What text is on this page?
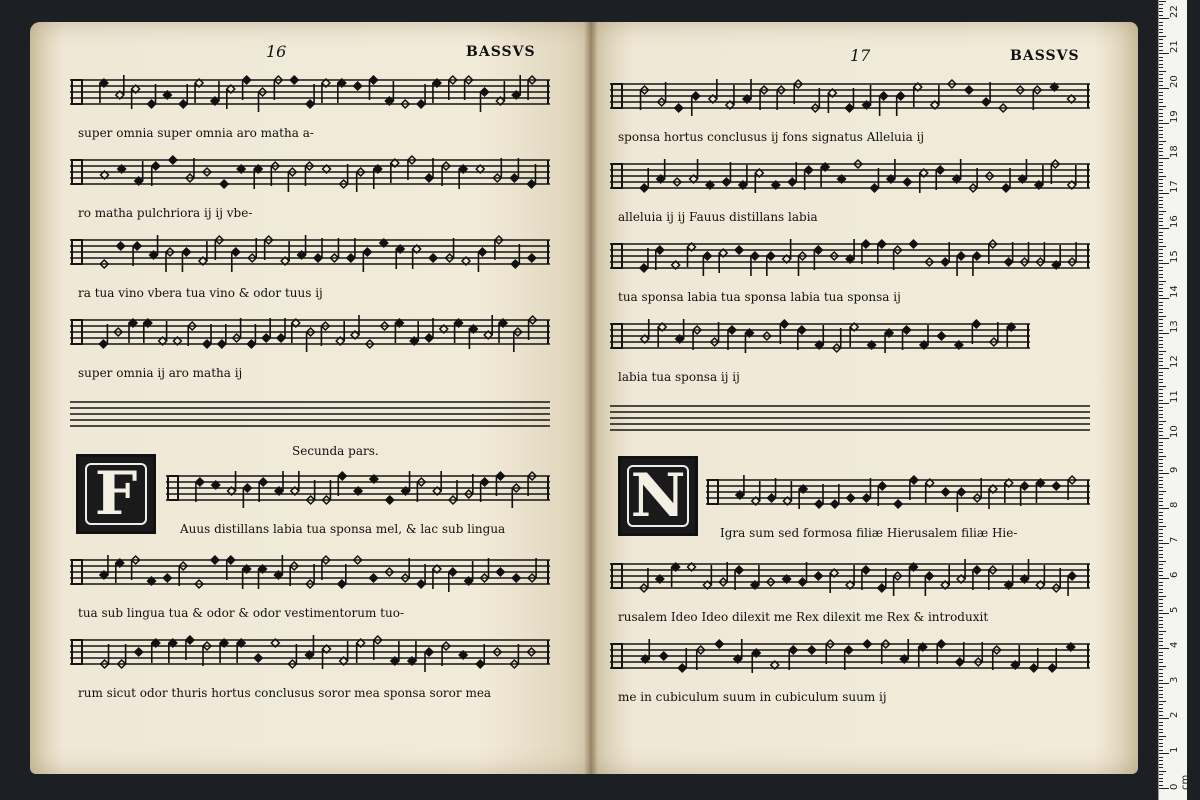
16	BASSVS	17	BASSVS
super omnia super omnia aro matha a-
ro matha pulchriora ij ij vbe-
ra tua vino vbera tua vino & odor tuus ij
super omnia ij aro matha ij
Secunda pars.
F	Auus distillans labia tua sponsa mel, & lac sub lingua
tua sub lingua tua & odor & odor vestimentorum tuo-
rum sicut odor thuris hortus conclusus soror mea sponsa soror mea
sponsa hortus conclusus ij fons signatus Alleluia ij
alleluia ij ij Fauus distillans labia
tua sponsa labia tua sponsa labia tua sponsa ij
labia tua sponsa ij ij
N
Igra sum sed formosa filiæ Hierusalem filiæ Hie-
rusalem Ideo Ideo dilexit me Rex dilexit me Rex & introduxit
me in cubiculum suum in cubiculum suum ij
0 cm
1
2
3
4
5
6
7
8
9
10
11
12
13
14
15
16
17
18
19
20
21
22
